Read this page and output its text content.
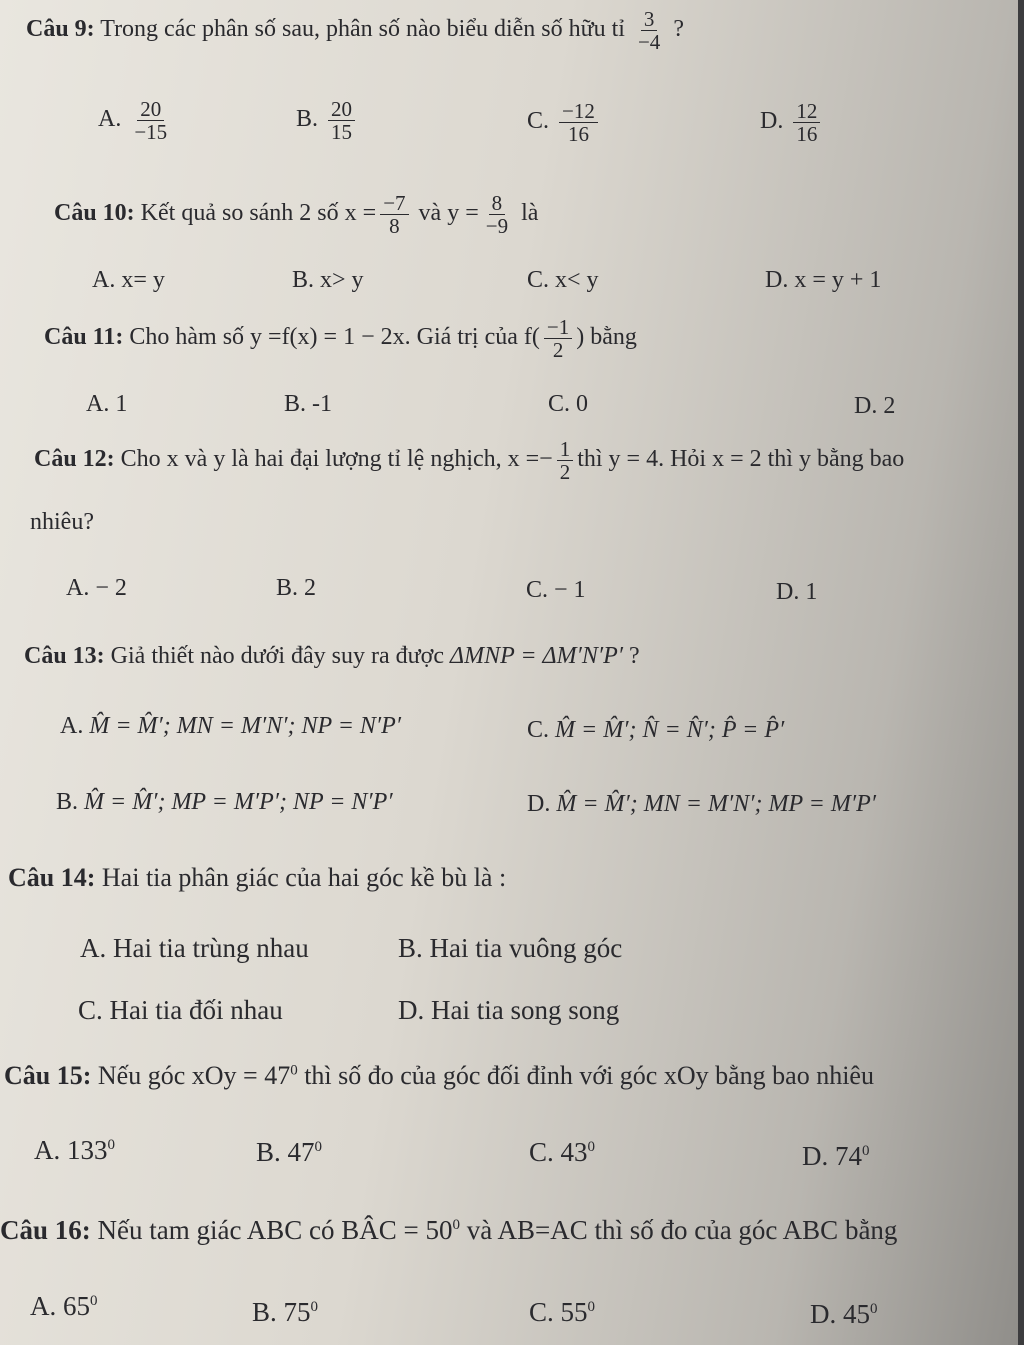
Câu 9: Trong các phân số sau, phân số nào biểu diễn số hữu tỉ $\frac{3}{-4}$ ?
A. $\frac{20}{-15}$	B. $\frac{20}{15}$	C. $\frac{-12}{16}$	D. $\frac{12}{16}$
Câu 10: Kết quả so sánh 2 số $x = \frac{-7}{8}$ và $y = \frac{8}{-9}$ là
A. x= y	B. x> y	C. x< y	D. x = y + 1
Câu 11: Cho hàm số y =f(x) = 1 − 2x. Giá trị của $f( \frac{-1}{2}$ ) bằng
A. 1	B. -1	C. 0	D. 2
Câu 12: Cho x và y là hai đại lượng tỉ lệ nghịch, $x =- \frac{1}{2}$ thì y = 4. Hỏi x = 2 thì y bằng bao
nhiêu?
A. − 2	B. 2	C. − 1	D. 1
Câu 13: Giả thiết nào dưới đây suy ra được ΔMNP = ΔM′N′P′ ?
A. M̂ = M̂′; MN = M′N′; NP = N′P′	C. M̂ = M̂′; N̂ = N̂′; P̂ = P̂′
B. M̂ = M̂′; MP = M′P′; NP = N′P′	D. M̂ = M̂′; MN = M′N′; MP = M′P′
Câu 14: Hai tia phân giác của hai góc kề bù là :
A. Hai tia trùng nhau	B. Hai tia vuông góc
C. Hai tia đối nhau	D. Hai tia song song
Câu 15: Nếu góc xOy = $47^0$ thì số đo của góc đối đỉnh với góc xOy bằng bao nhiêu
A. $133^0$	B. $47^0$	C. $43^0$	D. $74^0$
Câu 16: Nếu tam giác ABC có BÂC = $50^0$ và AB=AC thì số đo của góc ABC bằng
A. $65^0$	B. $75^0$	C. $55^0$	D. $45^0$
